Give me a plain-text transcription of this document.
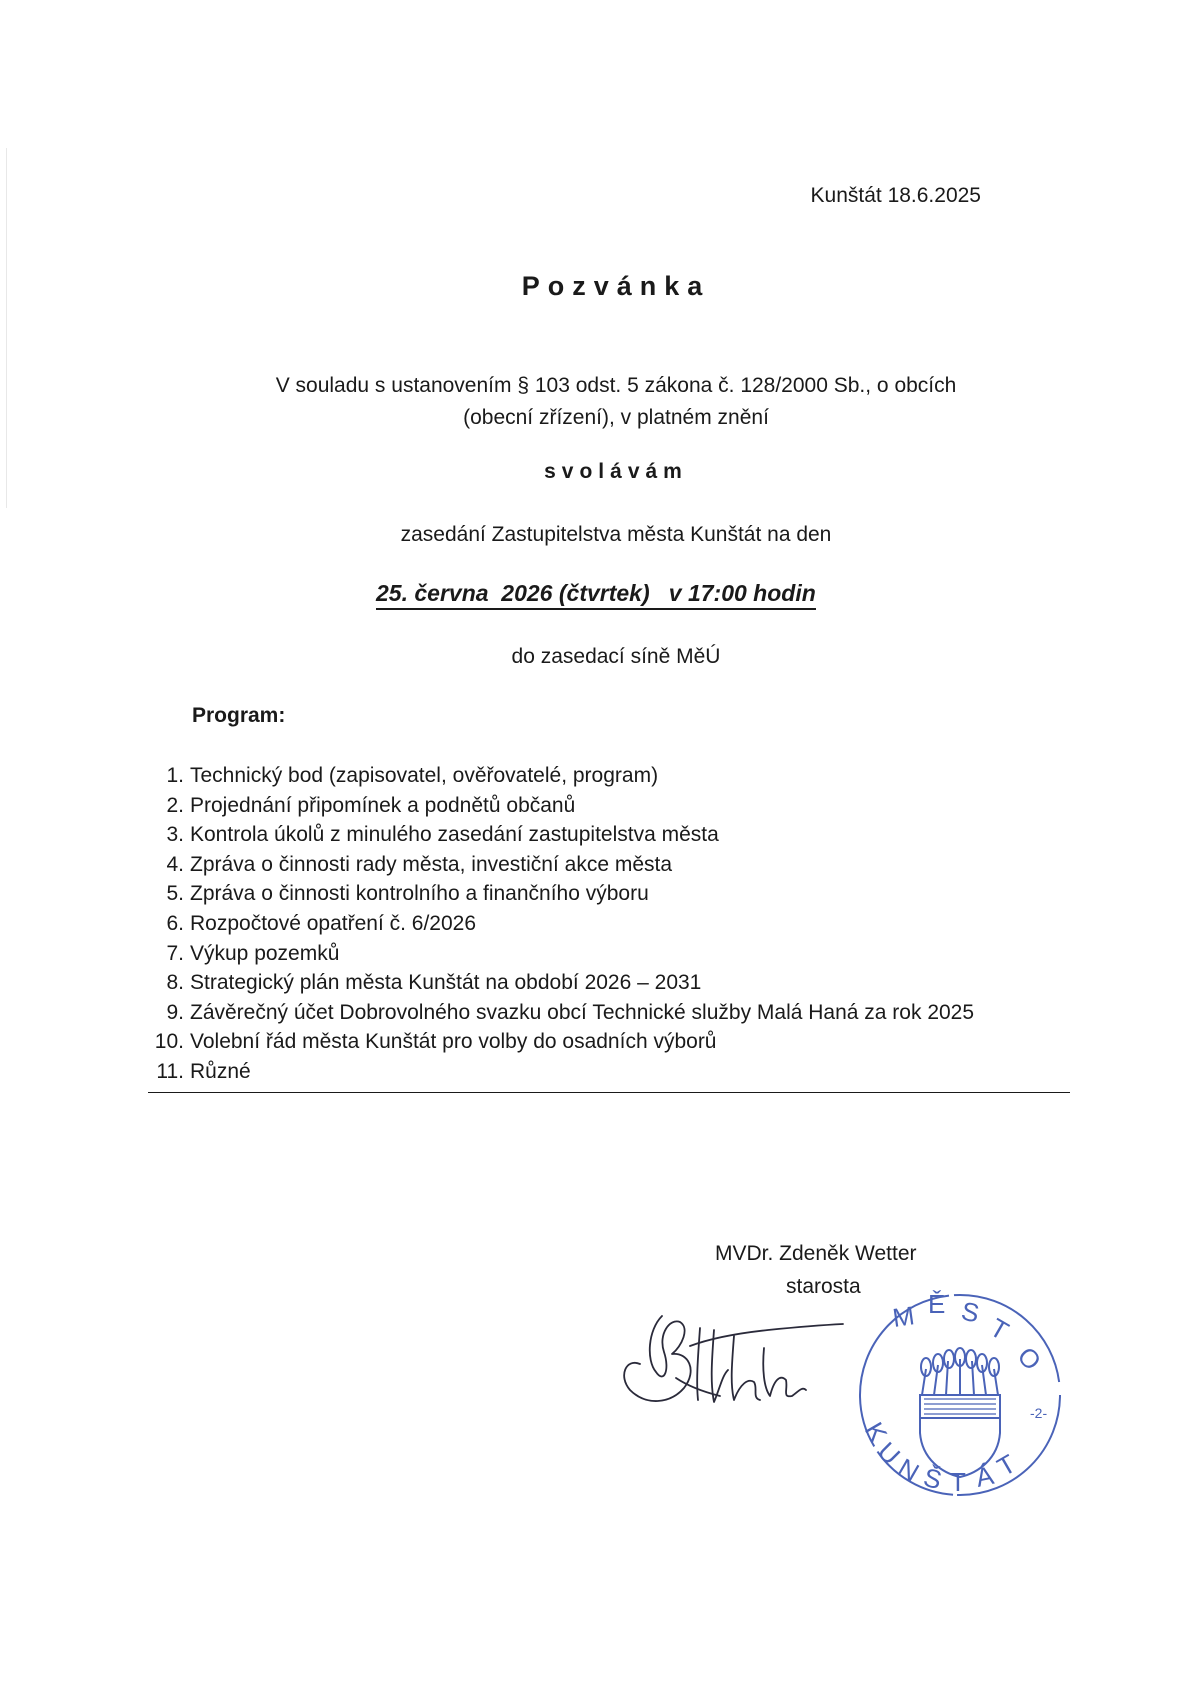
Kunštát 18.6.2025
Pozvánka
V souladu s ustanovením § 103 odst. 5 zákona č. 128/2000 Sb., o obcích
(obecní zřízení), v platném znění
svolávám
zasedání Zastupitelstva města Kunštát na den
25. června  2026 (čtvrtek)   v 17:00 hodin
do zasedací síně MěÚ
Program:
1. Technický bod (zapisovatel, ověřovatelé, program)
2. Projednání připomínek a podnětů občanů
3. Kontrola úkolů z minulého zasedání zastupitelstva města
4. Zpráva o činnosti rady města, investiční akce města
5. Zpráva o činnosti kontrolního a finančního výboru
6. Rozpočtové opatření č. 6/2026
7. Výkup pozemků
8. Strategický plán města Kunštát na období 2026 – 2031
9. Závěrečný účet Dobrovolného svazku obcí Technické služby Malá Haná za rok 2025
10. Volební řád města Kunštát pro volby do osadních výborů
11. Různé
MVDr. Zdeněk Wetter
starosta
M Ě S
T
O
K
U
N
Š T Á
T
-2-
